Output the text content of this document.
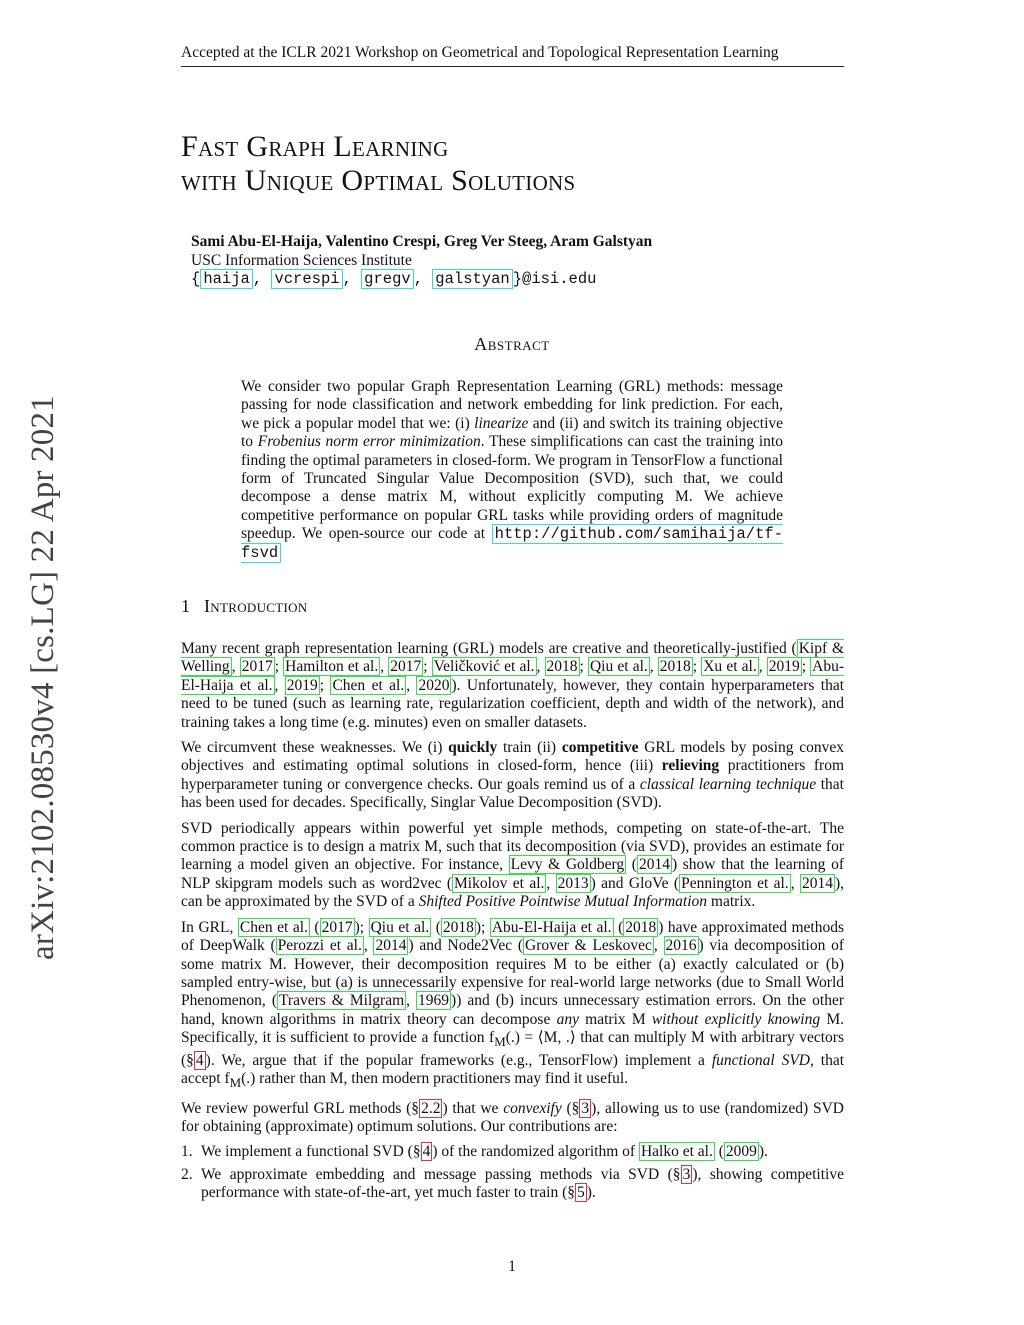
Accepted at the ICLR 2021 Workshop on Geometrical and Topological Representation Learning
arXiv:2102.08530v4 [cs.LG] 22 Apr 2021
Fast Graph Learning
with Unique Optimal Solutions
Sami Abu-El-Haija, Valentino Crespi, Greg Ver Steeg, Aram Galstyan
USC Information Sciences Institute
{ haija , vcrespi , gregv , galstyan }@isi.edu
Abstract
We consider two popular Graph Representation Learning (GRL) methods: message passing for node classification and network embedding for link prediction. For each, we pick a popular model that we: (i) linearize and (ii) and switch its training objective to Frobenius norm error minimization. These simplifications can cast the training into finding the optimal parameters in closed-form. We program in TensorFlow a functional form of Truncated Singular Value Decomposition (SVD), such that, we could decompose a dense matrix M, without explicitly computing M. We achieve competitive performance on popular GRL tasks while providing orders of magnitude speedup. We open-source our code at http://github.com/samihaija/tf-fsvd
1 Introduction

Many recent graph representation learning (GRL) models are creative and theoretically-justified ( Kipf & Welling , 2017 ; Hamilton et al. , 2017 ; Veličković et al. , 2018 ; Qiu et al. , 2018 ; Xu et al. , 2019 ; Abu-El-Haija et al. , 2019 ; Chen et al. , 2020 ). Unfortunately, however, they contain hyperparameters that need to be tuned (such as learning rate, regularization coefficient, depth and width of the network), and training takes a long time (e.g. minutes) even on smaller datasets.

We circumvent these weaknesses. We (i) quickly train (ii) competitive GRL models by posing convex objectives and estimating optimal solutions in closed-form, hence (iii) relieving practitioners from hyperparameter tuning or convergence checks. Our goals remind us of a classical learning technique that has been used for decades. Specifically, Singlar Value Decomposition (SVD).

SVD periodically appears within powerful yet simple methods, competing on state-of-the-art. The common practice is to design a matrix M, such that its decomposition (via SVD), provides an estimate for learning a model given an objective. For instance, Levy & Goldberg ( 2014 ) show that the learning of NLP skipgram models such as word2vec ( Mikolov et al. , 2013 ) and GloVe ( Pennington et al. , 2014 ), can be approximated by the SVD of a Shifted Positive Pointwise Mutual Information matrix.

In GRL, Chen et al. ( 2017 ); Qiu et al. ( 2018 ); Abu-El-Haija et al. ( 2018 ) have approximated methods of DeepWalk ( Perozzi et al. , 2014 ) and Node2Vec ( Grover & Leskovec , 2016 ) via decomposition of some matrix M. However, their decomposition requires M to be either (a) exactly calculated or (b) sampled entry-wise, but (a) is unnecessarily expensive for real-world large networks (due to Small World Phenomenon, ( Travers & Milgram , 1969 )) and (b) incurs unnecessary estimation errors. On the other hand, known algorithms in matrix theory can decompose any matrix M without explicitly knowing M. Specifically, it is sufficient to provide a function $f_M(.)$ = ⟨M, .⟩ that can multiply M with arbitrary vectors (§ 4 ). We, argue that if the popular frameworks (e.g., TensorFlow) implement a functional SVD, that accept $f_M(.)$ rather than M, then modern practitioners may find it useful.

We review powerful GRL methods (§ 2.2 ) that we convexify (§ 3 ), allowing us to use (randomized) SVD for obtaining (approximate) optimum solutions. Our contributions are:

1. We implement a functional SVD (§ 4 ) of the randomized algorithm of Halko et al. ( 2009 ).
2. We approximate embedding and message passing methods via SVD (§ 3 ), showing competitive performance with state-of-the-art, yet much faster to train (§ 5 ).
1
